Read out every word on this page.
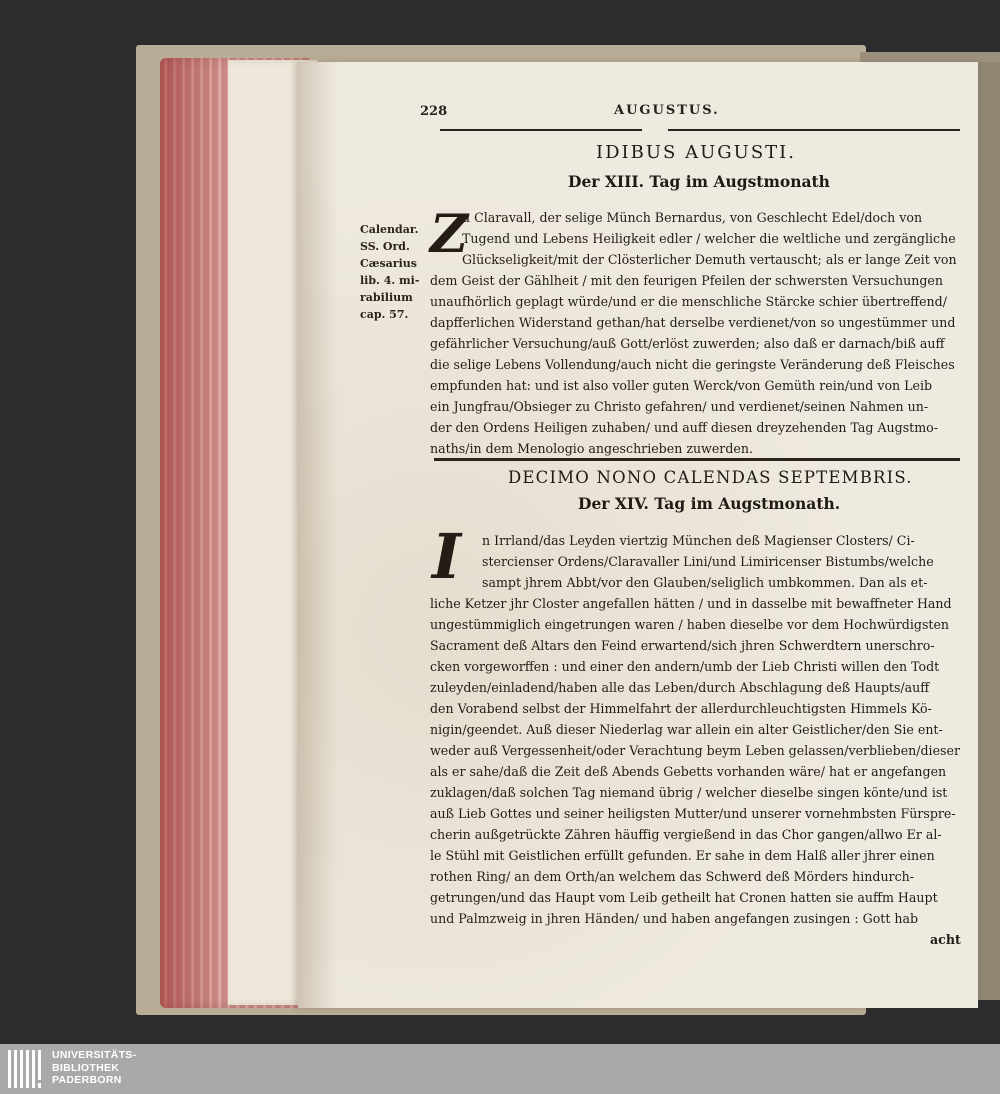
228	AUGUSTUS.
IDIBUS AUGUSTI.
Der XIII. Tag im Augstmonath
Calendar.
SS. Ord.
Cæsarius
lib. 4. mi-
rabilium
cap. 57.
Z
u Claravall, der selige Münch Bernardus, von Geschlecht Edel/doch von
Tugend und Lebens Heiligkeit edler / welcher die weltliche und zergängliche
Glückseligkeit/mit der Clösterlicher Demuth vertauscht; als er lange Zeit von
dem Geist der Gählheit / mit den feurigen Pfeilen der schwersten Versuchungen
unaufhörlich geplagt würde/und er die menschliche Stärcke schier übertreffend/
dapfferlichen Widerstand gethan/hat derselbe verdienet/von so ungestümmer und
gefährlicher Versuchung/auß Gott/erlöst zuwerden; also daß er darnach/biß auff
die selige Lebens Vollendung/auch nicht die geringste Veränderung deß Fleisches
empfunden hat: und ist also voller guten Werck/von Gemüth rein/und von Leib
ein Jungfrau/Obsieger zu Christo gefahren/ und verdienet/seinen Nahmen un-
der den Ordens Heiligen zuhaben/ und auff diesen dreyzehenden Tag Augstmo-
naths/in dem Menologio angeschrieben zuwerden.
DECIMO NONO CALENDAS SEPTEMBRIS.
Der XIV. Tag im Augstmonath.
I n Irrland/das Leyden viertzig München deß Magienser Closters/ Ci-
stercienser Ordens/Claravaller Lini/und Limiricenser Bistumbs/welche
sampt jhrem Abbt/vor den Glauben/seliglich umbkommen. Dan als et-
liche Ketzer jhr Closter angefallen hätten / und in dasselbe mit bewaffneter Hand
ungestümmiglich eingetrungen waren / haben dieselbe vor dem Hochwürdigsten
Sacrament deß Altars den Feind erwartend/sich jhren Schwerdtern unerschro-
cken vorgeworffen : und einer den andern/umb der Lieb Christi willen den Todt
zuleyden/einladend/haben alle das Leben/durch Abschlagung deß Haupts/auff
den Vorabend selbst der Himmelfahrt der allerdurchleuchtigsten Himmels Kö-
nigin/geendet. Auß dieser Niederlag war allein ein alter Geistlicher/den Sie ent-
weder auß Vergessenheit/oder Verachtung beym Leben gelassen/verblieben/dieser
als er sahe/daß die Zeit deß Abends Gebetts vorhanden wäre/ hat er angefangen
zuklagen/daß solchen Tag niemand übrig / welcher dieselbe singen könte/und ist
auß Lieb Gottes und seiner heiligsten Mutter/und unserer vornehmbsten Fürspre-
cherin außgetrückte Zähren häuffig vergießend in das Chor gangen/allwo Er al-
le Stühl mit Geistlichen erfüllt gefunden. Er sahe in dem Halß aller jhrer einen
rothen Ring/ an dem Orth/an welchem das Schwerd deß Mörders hindurch-
getrungen/und das Haupt vom Leib getheilt hat Cronen hatten sie auffm Haupt
und Palmzweig in jhren Händen/ und haben angefangen zusingen : Gott hab
acht
UNIVERSITÄTS-
BIBLIOTHEK
PADERBORN
